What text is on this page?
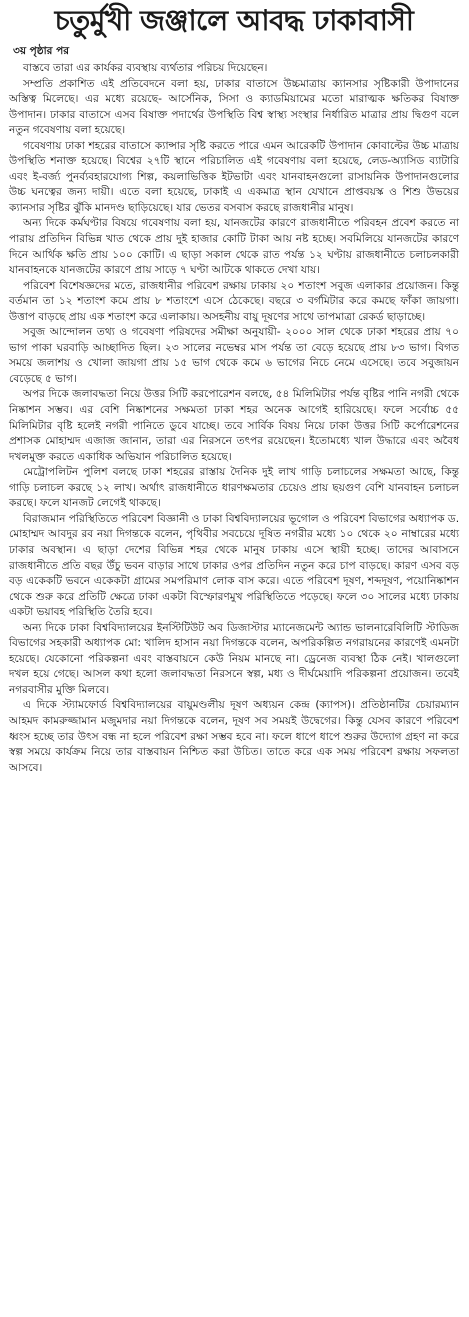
চতুর্মুখী জঞ্জালে আবদ্ধ ঢাকাবাসী
৩য় পৃষ্ঠার পর

বাস্তবে তারা এর কার্যকর ব্যবস্থায় ব্যর্থতার পরিচয় দিয়েছেন।

সম্প্রতি প্রকাশিত এই প্রতিবেদনে বলা হয়, ঢাকার বাতাসে উচ্চমাত্রায় ক্যানসার সৃষ্টিকারী উপাদানের অস্তিত্ব মিলেছে। এর মধ্যে রয়েছে- আর্সেনিক, সিসা ও ক্যাডমিয়ামের মতো মারাত্মক ক্ষতিকর বিষাক্ত উপাদান। ঢাকার বাতাসে এসব বিষাক্ত পদার্থের উপস্থিতি বিশ্ব স্বাস্থ্য সংস্থার নির্ধারিত মাত্রার প্রায় দ্বিগুণ বলে নতুন গবেষণায় বলা হয়েছে।

গবেষণায় ঢাকা শহরের বাতাসে ক্যান্সার সৃষ্টি করতে পারে এমন আরেকটি উপাদান কোবাল্টের উচ্চ মাত্রায় উপস্থিতি শনাক্ত হয়েছে। বিশ্বের ২৭টি স্থানে পরিচালিত এই গবেষণায় বলা হয়েছে, লেড-অ্যাসিড ব্যাটারি এবং ই-বর্জ্য পুনর্ব্যবহারযোগ্য শিল্প, কয়লাভিত্তিক ইটভাটা এবং যানবাহনগুলো রাসায়নিক উপাদানগুলোর উচ্চ ঘনত্বের জন্য দায়ী। এতে বলা হয়েছে, ঢাকাই এ একমাত্র স্থান যেখানে প্রাপ্তবয়স্ক ও শিশু উভয়ের ক্যানসার সৃষ্টির ঝুঁকি মানদণ্ড ছাড়িয়েছে। যার ভেতর বসবাস করছে রাজধানীর মানুষ।

অন্য দিকে কর্মঘণ্টার বিষয়ে গবেষণায় বলা হয়, যানজটের কারণে রাজধানীতে পরিবহন প্রবেশ করতে না পারায় প্রতিদিন বিভিন্ন খাত থেকে প্রায় দুই হাজার কোটি টাকা আয় নষ্ট হচ্ছে। সবমিলিয়ে যানজটের কারণে দিনে আর্থিক ক্ষতি প্রায় ১০০ কোটি। এ ছাড়া সকাল থেকে রাত পর্যন্ত ১২ ঘণ্টায় রাজধানীতে চলাচলকারী যানবাহনকে যানজটের কারণে প্রায় সাড়ে ৭ ঘণ্টা আটকে থাকতে দেখা যায়।

পরিবেশ বিশেষজ্ঞদের মতে, রাজধানীর পরিবেশ রক্ষায় ঢাকায় ২০ শতাংশ সবুজ এলাকার প্রয়োজন। কিন্তু বর্তমান তা ১২ শতাংশ কমে প্রায় ৮ শতাংশে এসে ঠেকেছে। বছরে ৩ বর্গমিটার করে কমছে ফাঁকা জায়গা। উত্তাপ বাড়ছে প্রায় এক শতাংশ করে এলাকায়। অসহনীয় বায়ু দূষণের সাথে তাপমাত্রা রেকর্ড ছাড়াচ্ছে।

সবুজ আন্দোলন তথ্য ও গবেষণা পরিষদের সমীক্ষা অনুযায়ী- ২০০০ সাল থেকে ঢাকা শহরের প্রায় ৭০ ভাগ পাকা ঘরবাড়ি আচ্ছাদিত ছিল। ২৩ সালের নভেম্বর মাস পর্যন্ত তা বেড়ে হয়েছে প্রায় ৮৩ ভাগ। বিগত সময়ে জলাশয় ও খোলা জায়গা প্রায় ১৫ ভাগ থেকে কমে ৬ ভাগের নিচে নেমে এসেছে। তবে সবুজায়ন বেড়েছে ৫ ভাগ।

অপর দিকে জলাবদ্ধতা নিয়ে উত্তর সিটি করপোরেশন বলছে, ৫৪ মিলিমিটার পর্যন্ত বৃষ্টির পানি নগরী থেকে নিষ্কাশন সম্ভব। এর বেশি নিষ্কাশনের সক্ষমতা ঢাকা শহর অনেক আগেই হারিয়েছে। ফলে সর্বোচ্চ ৫৫ মিলিমিটার বৃষ্টি হলেই নগরী পানিতে ডুবে যাচ্ছে। তবে সার্বিক বিষয় নিয়ে ঢাকা উত্তর সিটি কর্পোরেশনের প্রশাসক মোহাম্মদ এজাজ জানান, তারা এর নিরসনে তৎপর রয়েছেন। ইতোমধ্যে খাল উদ্ধারে এবং অবৈধ দখলমুক্ত করতে একাধিক অভিযান পরিচালিত হয়েছে।

মেট্রোপলিটন পুলিশ বলছে ঢাকা শহরের রাস্তায় দৈনিক দুই লাখ গাড়ি চলাচলের সক্ষমতা আছে, কিন্তু গাড়ি চলাচল করছে ১২ লাখ। অর্থাৎ রাজধানীতে ধারণক্ষমতার চেয়েও প্রায় ছয়গুণ বেশি যানবাহন চলাচল করছে। ফলে যানজট লেগেই থাকছে।

বিরাজমান পরিস্থিতিতে পরিবেশ বিজ্ঞানী ও ঢাকা বিশ্ববিদ্যালয়ের ভূগোল ও পরিবেশ বিভাগের অধ্যাপক ড. মোহাম্মদ আবদুর রব নয়া দিগন্তকে বলেন, পৃথিবীর সবচেয়ে দূষিত নগরীর মধ্যে ১০ থেকে ২০ নাম্বারের মধ্যে ঢাকার অবস্থান। এ ছাড়া দেশের বিভিন্ন শহর থেকে মানুষ ঢাকায় এসে স্থায়ী হচ্ছে। তাদের আবাসনে রাজধানীতে প্রতি বছর উঁচু ভবন বাড়ার সাথে ঢাকার ওপর প্রতিদিন নতুন করে চাপ বাড়ছে। কারণ এসব বড় বড় একেকটি ভবনে একেকটা গ্রামের সমপরিমাণ লোক বাস করে। এতে পরিবেশ দূষণ, শব্দদূষণ, পয়োনিষ্কাশন থেকে শুরু করে প্রতিটি ক্ষেত্রে ঢাকা একটা বিস্ফোরণমুখ পরিস্থিতিতে পড়েছে। ফলে ৩০ সালের মধ্যে ঢাকায় একটা ভয়াবহ পরিস্থিতি তৈরি হবে।

অন্য দিকে ঢাকা বিশ্ববিদ্যালয়ের ইনস্টিটিউট অব ডিজাস্টার ম্যানেজমেন্ট অ্যান্ড ভালনারেবিলিটি স্টাডিজ বিভাগের সহকারী অধ্যাপক মো: খালিদ হাসান নয়া দিগন্তকে বলেন, অপরিকল্পিত নগরায়নের কারণেই এমনটা হয়েছে। যেকোনো পরিকল্পনা এবং বাস্তবায়নে কেউ নিয়ম মানছে না। ড্রেনেজ ব্যবস্থা ঠিক নেই। খালগুলো দখল হয়ে গেছে। আসল কথা হলো জলাবদ্ধতা নিরসনে স্বল্প, মধ্য ও দীর্ঘমেয়াদি পরিকল্পনা প্রয়োজন। তবেই নগরবাসীর মুক্তি মিলবে।

এ দিকে স্ট্যামফোর্ড বিশ্ববিদ্যালয়ের বায়ুমণ্ডলীয় দূষণ অধ্যয়ন কেন্দ্র (ক্যাপস)। প্রতিষ্ঠানটির চেয়ারম্যান আহমদ কামরুজ্জামান মজুমদার নয়া দিগন্তকে বলেন, দূষণ সব সময়ই উদ্বেগের। কিন্তু যেসব কারণে পরিবেশ ধ্বংস হচ্ছে তার উৎস বন্ধ না হলে পরিবেশ রক্ষা সম্ভব হবে না। ফলে ধাপে ধাপে শুরুর উদ্যোগ গ্রহণ না করে স্বল্প সময়ে কার্যক্রম নিয়ে তার বাস্তবায়ন নিশ্চিত করা উচিত। তাতে করে এক সময় পরিবেশ রক্ষায় সফলতা আসবে।
